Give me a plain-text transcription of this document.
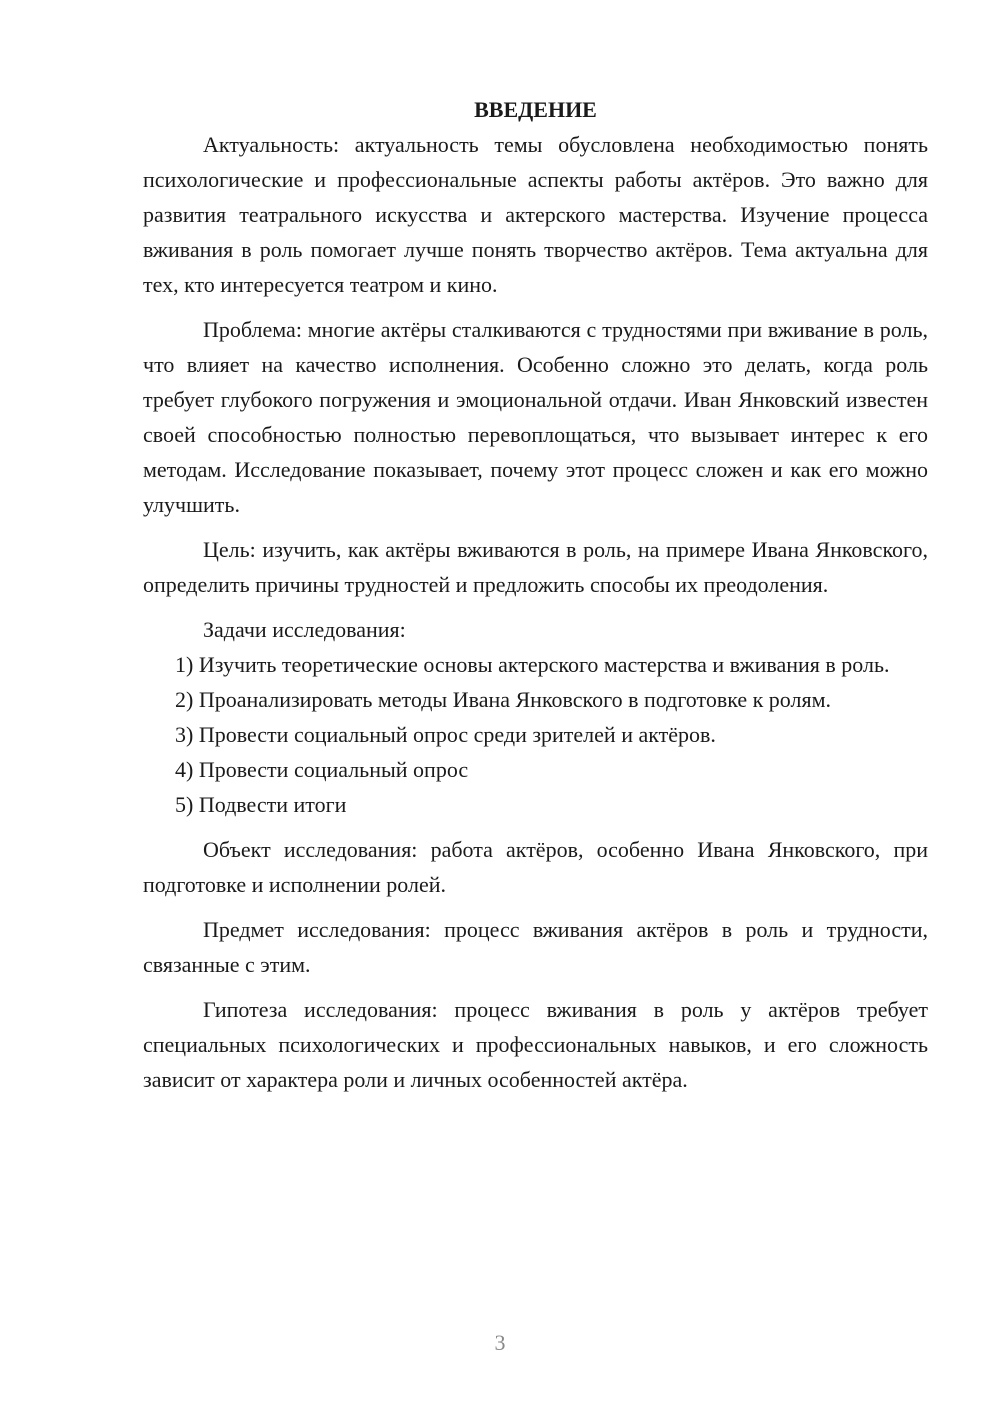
ВВЕДЕНИЕ

Актуальность: актуальность темы обусловлена необходимостью понять психологические и профессиональные аспекты работы актёров. Это важно для развития театрального искусства и актерского мастерства. Изучение процесса вживания в роль помогает лучше понять творчество актёров. Тема актуальна для тех, кто интересуется театром и кино.

Проблема: многие актёры сталкиваются с трудностями при вживание в роль, что влияет на качество исполнения. Особенно сложно это делать, когда роль требует глубокого погружения и эмоциональной отдачи. Иван Янковский известен своей способностью полностью перевоплощаться, что вызывает интерес к его методам. Исследование показывает, почему этот процесс сложен и как его можно улучшить.

Цель: изучить, как актёры вживаются в роль, на примере Ивана Янковского, определить причины трудностей и предложить способы их преодоления.

Задачи исследования:

1) Изучить теоретические основы актерского мастерства и вживания в роль.

2) Проанализировать методы Ивана Янковского в подготовке к ролям.

3) Провести социальный опрос среди зрителей и актёров.

4) Провести социальный опрос

5) Подвести итоги

Объект исследования: работа актёров, особенно Ивана Янковского, при подготовке и исполнении ролей.

Предмет исследования: процесс вживания актёров в роль и трудности, связанные с этим.

Гипотеза исследования: процесс вживания в роль у актёров требует специальных психологических и профессиональных навыков, и его сложность зависит от характера роли и личных особенностей актёра.

3
